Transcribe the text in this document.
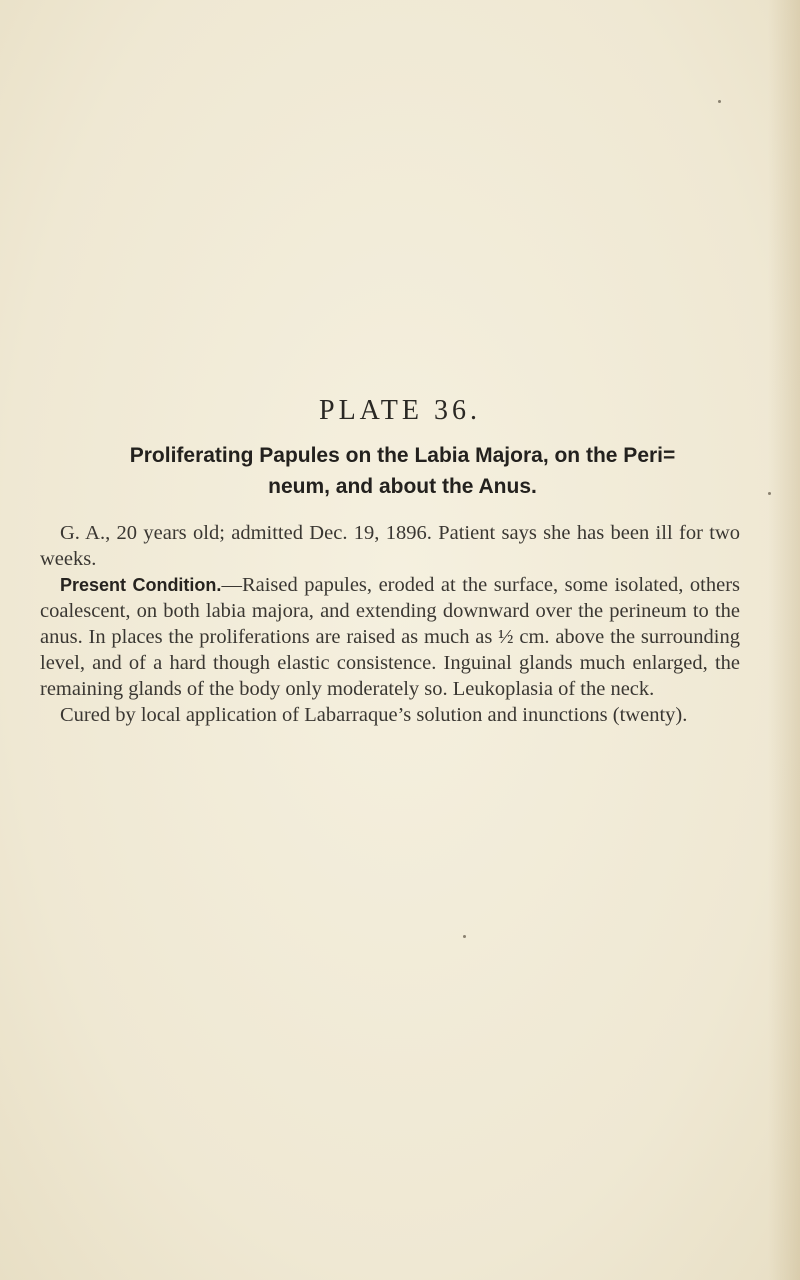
PLATE 36.
Proliferating Papules on the Labia Majora, on the Peri=
neum, and about the Anus.

G. A., 20 years old; admitted Dec. 19, 1896. Patient says she has been ill for two weeks.

Present Condition.—Raised papules, eroded at the surface, some isolated, others coalescent, on both labia majora, and extending downward over the perineum to the anus. In places the proliferations are raised as much as ½ cm. above the surrounding level, and of a hard though elastic consistence. Inguinal glands much enlarged, the remaining glands of the body only moderately so. Leukoplasia of the neck.

Cured by local application of Labarraque’s solution and inunctions (twenty).
